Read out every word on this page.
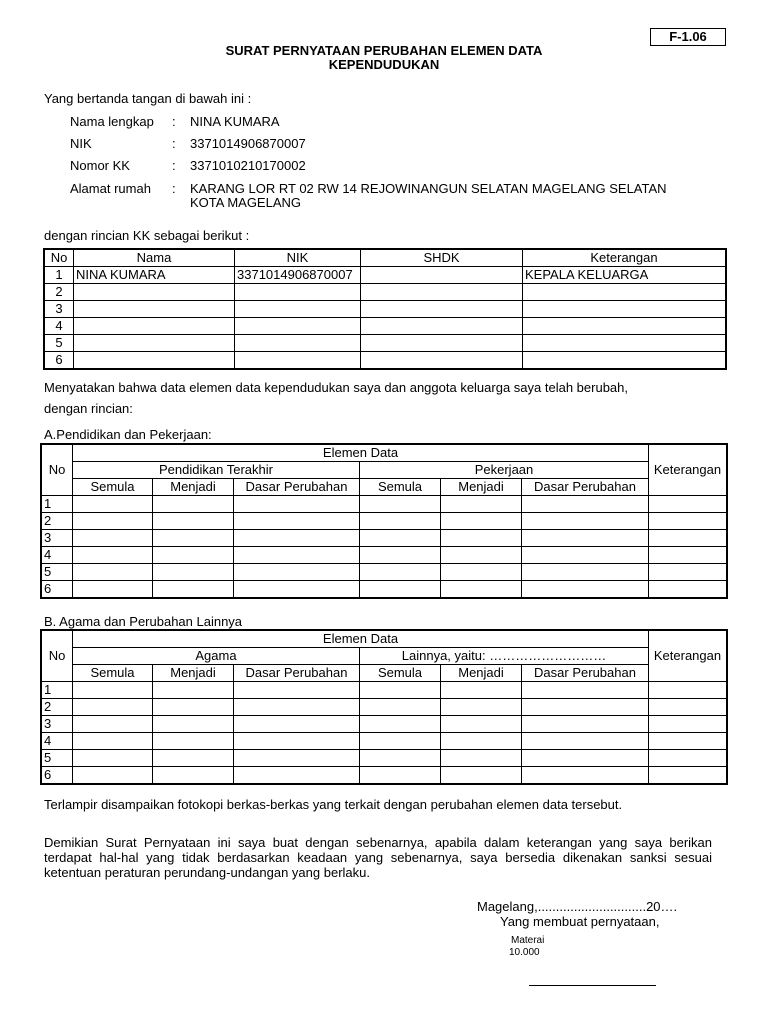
F-1.06
SURAT PERNYATAAN PERUBAHAN ELEMEN DATA
KEPENDUDUKAN
Yang bertanda tangan di bawah ini :
Nama lengkap : NINA KUMARA
NIK	: 3371014906870007
Nomor KK	: 3371010210170002
Alamat rumah : KARANG LOR RT 02 RW 14 REJOWINANGUN SELATAN MAGELANG SELATAN
KOTA MAGELANG
dengan rincian KK sebagai berikut :
No	Nama	NIK	SHDK	Keterangan
1	NINA KUMARA	3371014906870007		KEPALA KELUARGA
2				
3				
4				
5				
6				
Menyatakan bahwa data elemen data kependudukan saya dan anggota keluarga saya telah berubah,
dengan rincian:
A.Pendidikan dan Pekerjaan:
No	Elemen Data						Keterangan
	Pendidikan Terakhir			Pekerjaan			
	Semula	Menjadi	Dasar Perubahan	Semula	Menjadi	Dasar Perubahan	
1							
2							
3							
4							
5							
6							
B. Agama dan Perubahan Lainnya
No	Elemen Data						Keterangan
	Agama			Lainnya, yaitu: ………………………			
	Semula	Menjadi	Dasar Perubahan	Semula	Menjadi	Dasar Perubahan	
1							
2							
3							
4							
5							
6							
Terlampir disampaikan fotokopi berkas-berkas yang terkait dengan perubahan elemen data tersebut.
Demikian Surat Pernyataan ini saya buat dengan sebenarnya, apabila dalam keterangan yang saya berikan terdapat hal-hal yang tidak berdasarkan keadaan yang sebenarnya, saya bersedia dikenakan sanksi sesuai ketentuan peraturan perundang-undangan yang berlaku.
Magelang,..............................20….
Yang membuat pernyataan,
Materai
10.000
